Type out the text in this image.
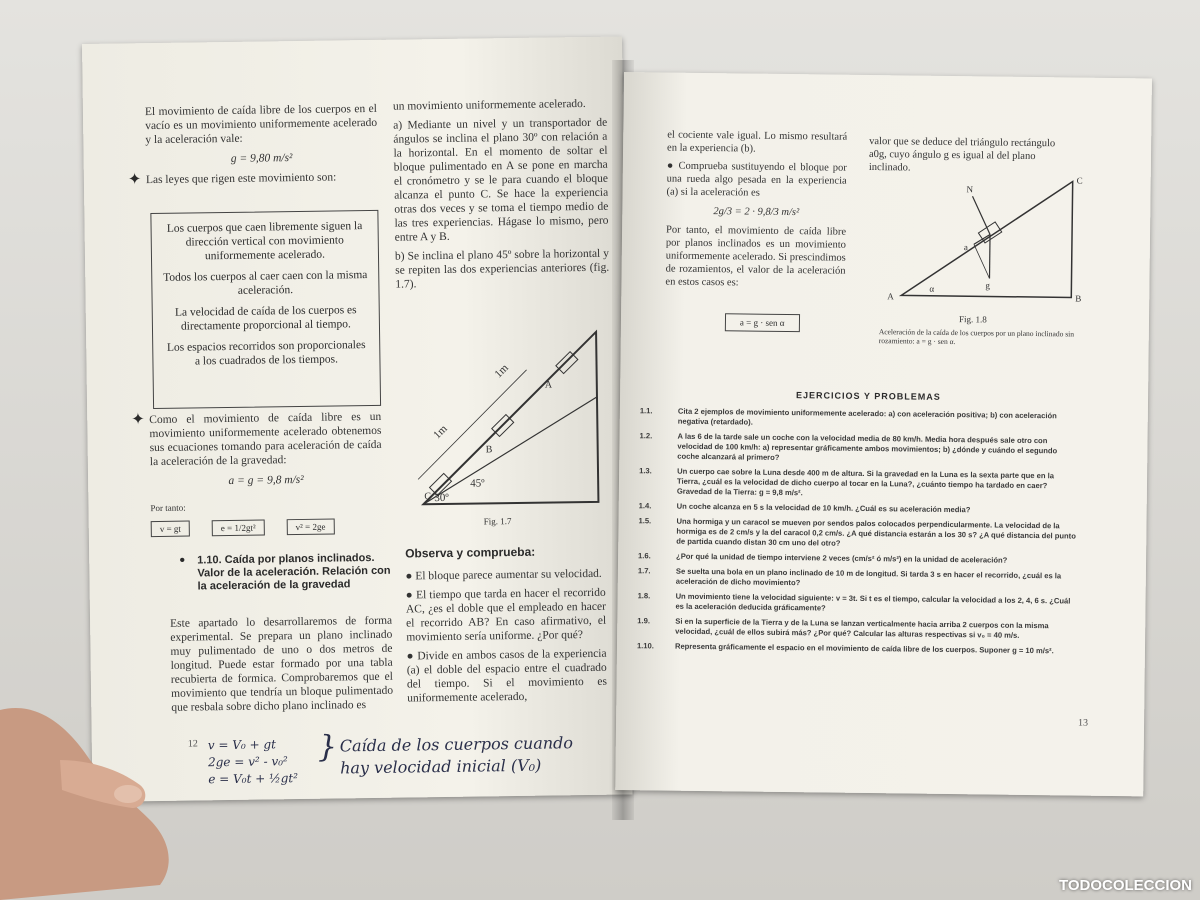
El movimiento de caída libre de los cuerpos en el vacío es un movimiento uniformemente acelerado y la aceleración vale:

g = 9,80 m/s²
✦ Las leyes que rigen este movimiento son:

Los cuerpos que caen libremente siguen la dirección vertical con movimiento uniformemente acelerado.

Todos los cuerpos al caer caen con la misma aceleración.

La velocidad de caída de los cuerpos es directamente proporcional al tiempo.

Los espacios recorridos son proporcionales a los cuadrados de los tiempos.

✦ Como el movimiento de caída libre es un movimiento uniformemente acelerado obtenemos sus ecuaciones tomando para aceleración de caída la aceleración de la gravedad:

a = g = 9,8 m/s²
Por tanto:
v = gt	e = 1/2gt²	v² = 2ge
● 1.10. Caída por planos inclinados. Valor de la aceleración. Relación con la aceleración de la gravedad

Este apartado lo desarrollaremos de forma experimental. Se prepara un plano inclinado muy pulimentado de uno o dos metros de longitud. Puede estar formado por una tabla recubierta de formica. Comprobaremos que el movimiento que tendría un bloque pulimentado que resbala sobre dicho plano inclinado es

un movimiento uniformemente acelerado.

a) Mediante un nivel y un transportador de ángulos se inclina el plano 30º con relación a la horizontal. En el momento de soltar el bloque pulimentado en A se pone en marcha el cronómetro y se le para cuando el bloque alcanza el punto C. Se hace la experiencia otras dos veces y se toma el tiempo medio de las tres experiencias. Hágase lo mismo, pero entre A y B.

b) Se inclina el plano 45º sobre la horizontal y se repiten las dos experiencias anteriores (fig. 1.7).

C
B
A
1m
1m
30º
45º
Fig. 1.7
Observa y comprueba:

● El bloque parece aumentar su velocidad.

● El tiempo que tarda en hacer el recorrido AC, ¿es el doble que el empleado en hacer el recorrido AB? En caso afirmativo, el movimiento sería uniforme. ¿Por qué?

● Divide en ambos casos de la experiencia (a) el doble del espacio entre el cuadrado del tiempo. Si el movimiento es uniformemente acelerado,

12 v = V₀ + gt
2ge = v² - v₀²
e = V₀t + ½gt²
} Caída de los cuerpos cuando
hay velocidad inicial (V₀)

el cociente vale igual. Lo mismo resultará en la experiencia (b).

● Comprueba sustituyendo el bloque por una rueda algo pesada en la experiencia (a) si la aceleración es

2g/3 = 2 · 9,8/3 m/s²

Por tanto, el movimiento de caída libre por planos inclinados es un movimiento uniformemente acelerado. Si prescindimos de rozamientos, el valor de la aceleración en estos casos es:

a = g · sen α
valor que se deduce del triángulo rectángulo a0g, cuyo ángulo g es igual al del plano inclinado.
N
C
A	B
a
g
α
Fig. 1.8
Aceleración de la caída de los cuerpos por un plano inclinado sin rozamiento: a = g · sen α.
EJERCICIOS Y PROBLEMAS
1.1.	Cita 2 ejemplos de movimiento uniformemente acelerado: a) con aceleración positiva; b) con aceleración negativa (retardado).
1.2.	A las 6 de la tarde sale un coche con la velocidad media de 80 km/h. Media hora después sale otro con velocidad de 100 km/h: a) representar gráficamente ambos movimientos; b) ¿dónde y cuándo el segundo coche alcanzará al primero?
1.3.	Un cuerpo cae sobre la Luna desde 400 m de altura. Si la gravedad en la Luna es la sexta parte que en la Tierra, ¿cuál es la velocidad de dicho cuerpo al tocar en la Luna?, ¿cuánto tiempo ha tardado en caer? Gravedad de la Tierra: g = 9,8 m/s².
1.4.	Un coche alcanza en 5 s la velocidad de 10 km/h. ¿Cuál es su aceleración media?
1.5.	Una hormiga y un caracol se mueven por sendos palos colocados perpendicularmente. La velocidad de la hormiga es de 2 cm/s y la del caracol 0,2 cm/s. ¿A qué distancia estarán a los 30 s? ¿A qué distancia del punto de partida cuando distan 30 cm uno del otro?
1.6.	¿Por qué la unidad de tiempo interviene 2 veces (cm/s² ó m/s²) en la unidad de aceleración?
1.7.	Se suelta una bola en un plano inclinado de 10 m de longitud. Si tarda 3 s en hacer el recorrido, ¿cuál es la aceleración de dicho movimiento?
1.8.	Un movimiento tiene la velocidad siguiente: v = 3t. Si t es el tiempo, calcular la velocidad a los 2, 4, 6 s. ¿Cuál es la aceleración deducida gráficamente?
1.9.	Si en la superficie de la Tierra y de la Luna se lanzan verticalmente hacia arriba 2 cuerpos con la misma velocidad, ¿cuál de ellos subirá más? ¿Por qué? Calcular las alturas respectivas si v₀ = 40 m/s.
1.10.	Representa gráficamente el espacio en el movimiento de caída libre de los cuerpos. Suponer g = 10 m/s².
13
TODOCOLECCION
